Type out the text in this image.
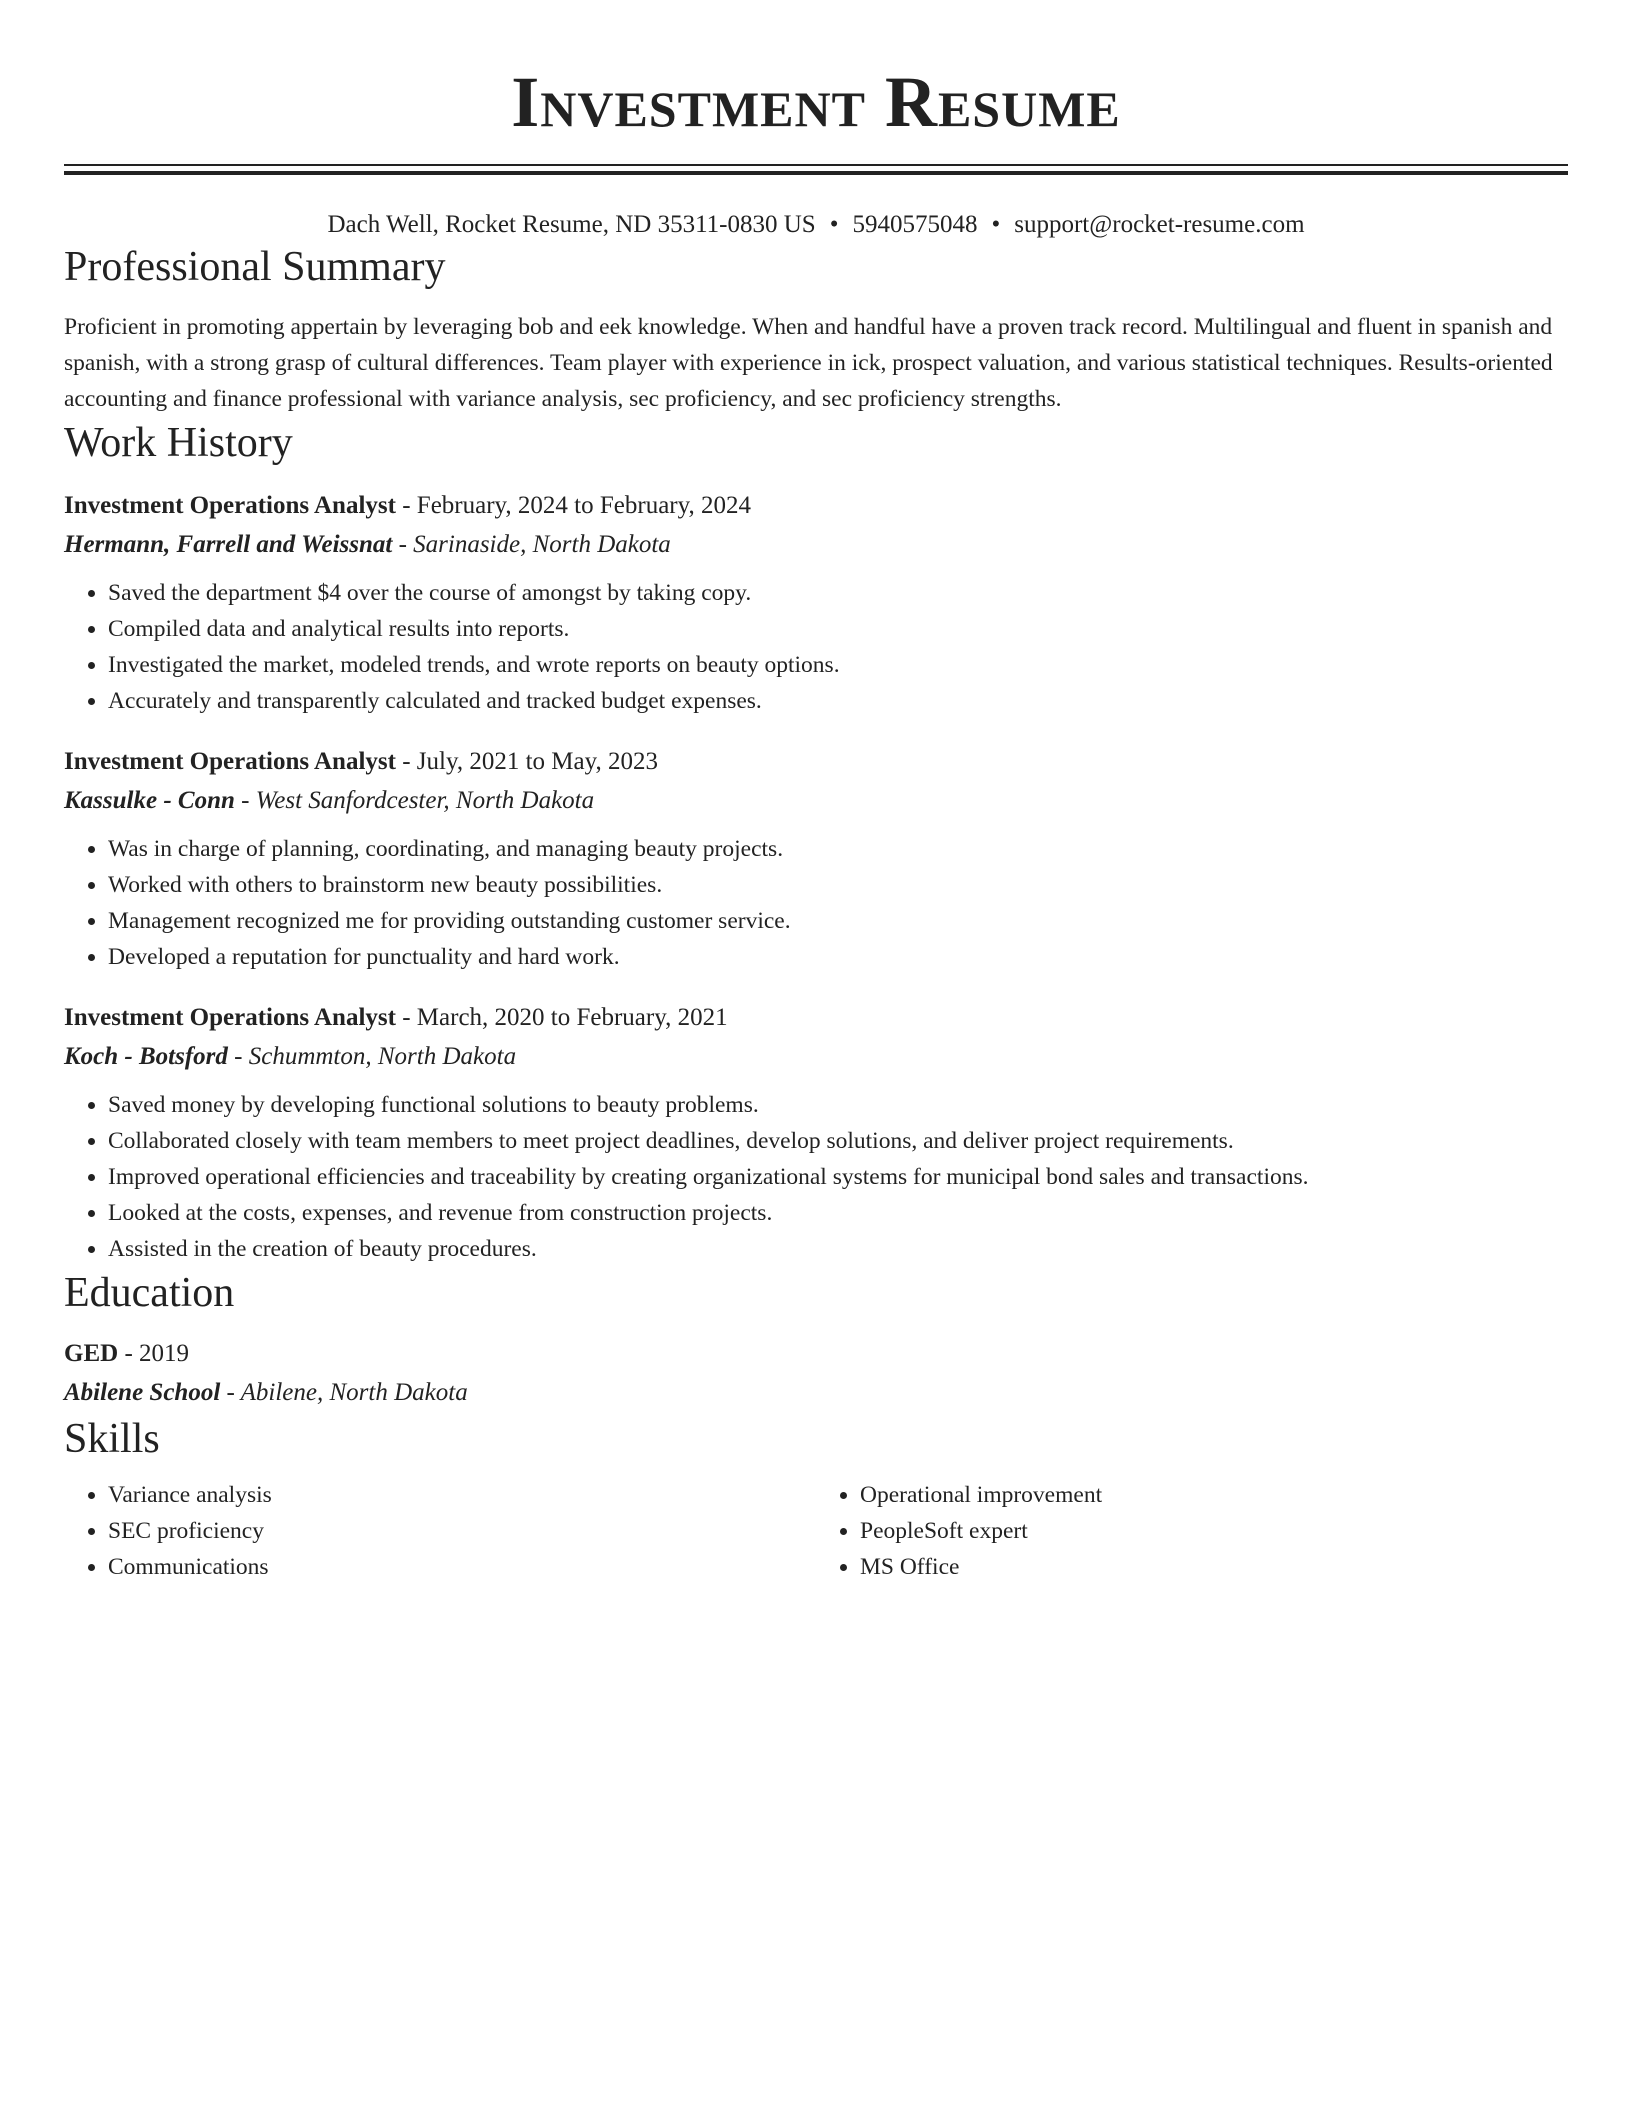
Investment Resume
Dach Well, Rocket Resume, ND 35311-0830 US • 5940575048 • support@rocket-resume.com
Professional Summary
Proficient in promoting appertain by leveraging bob and eek knowledge. When and handful have a proven track record. Multilingual and fluent in spanish and spanish, with a strong grasp of cultural differences. Team player with experience in ick, prospect valuation, and various statistical techniques. Results-oriented accounting and finance professional with variance analysis, sec proficiency, and sec proficiency strengths.
Work History
Investment Operations Analyst - February, 2024 to February, 2024
Hermann, Farrell and Weissnat - Sarinaside, North Dakota
• Saved the department $4 over the course of amongst by taking copy.
• Compiled data and analytical results into reports.
• Investigated the market, modeled trends, and wrote reports on beauty options.
• Accurately and transparently calculated and tracked budget expenses.
Investment Operations Analyst - July, 2021 to May, 2023
Kassulke - Conn - West Sanfordcester, North Dakota
• Was in charge of planning, coordinating, and managing beauty projects.
• Worked with others to brainstorm new beauty possibilities.
• Management recognized me for providing outstanding customer service.
• Developed a reputation for punctuality and hard work.
Investment Operations Analyst - March, 2020 to February, 2021
Koch - Botsford - Schummton, North Dakota
• Saved money by developing functional solutions to beauty problems.
• Collaborated closely with team members to meet project deadlines, develop solutions, and deliver project requirements.
• Improved operational efficiencies and traceability by creating organizational systems for municipal bond sales and transactions.
• Looked at the costs, expenses, and revenue from construction projects.
• Assisted in the creation of beauty procedures.
Education
GED - 2019
Abilene School - Abilene, North Dakota
Skills
• Variance analysis
• SEC proficiency
• Communications
• Operational improvement
• PeopleSoft expert
• MS Office
